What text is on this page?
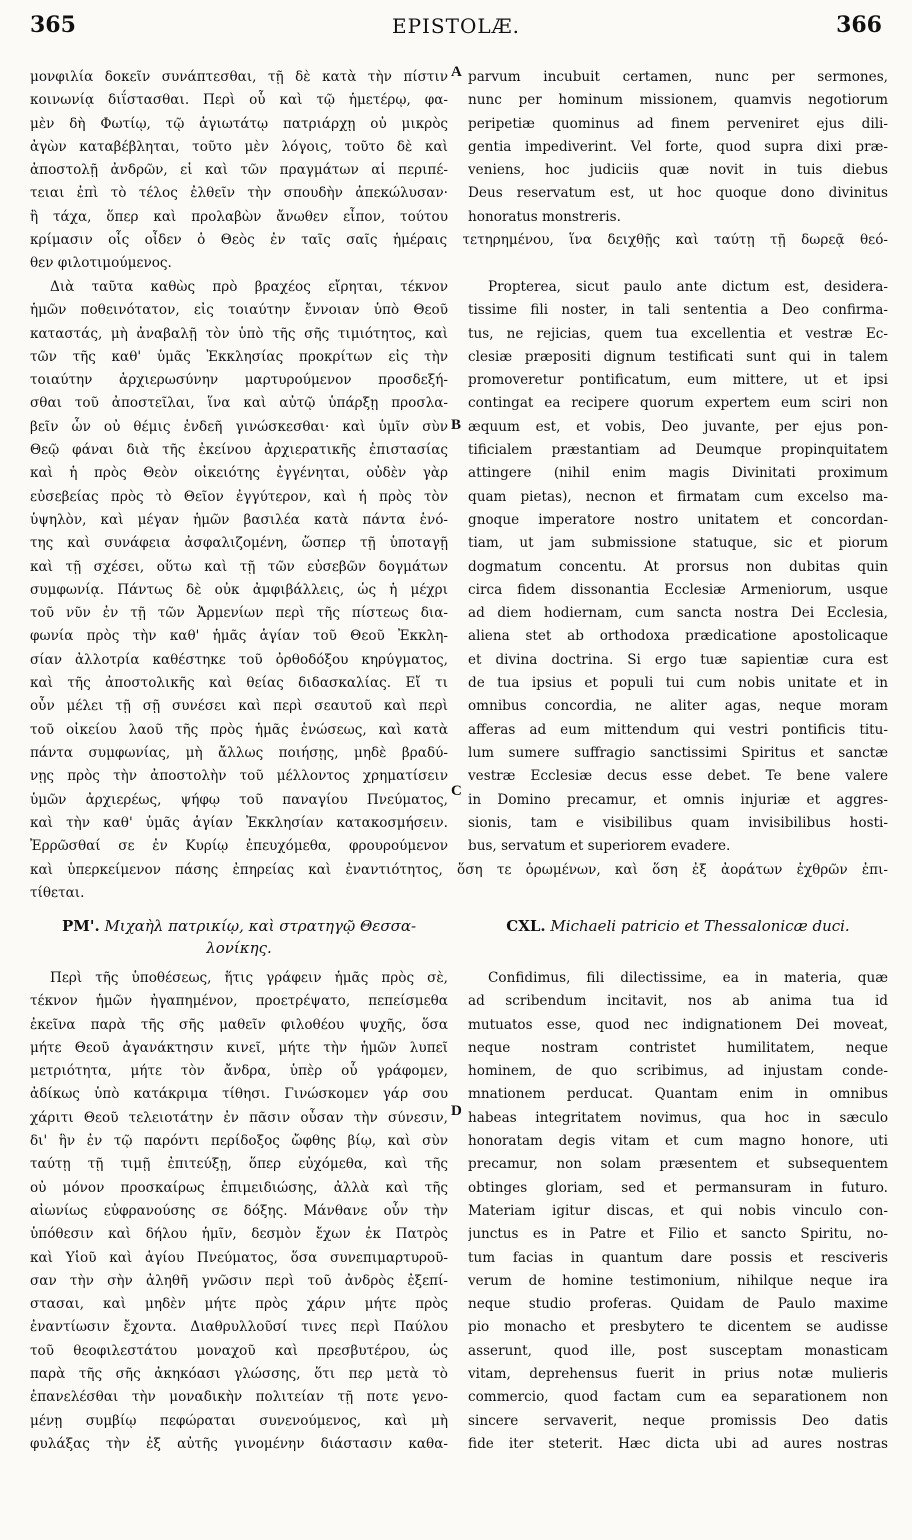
365	EPISTOLÆ.	366
A
B
C
D
μονφιλία δοκεῖν συνάπτεσθαι, τῇ δὲ κατὰ τὴν πίστιν
κοινωνίᾳ διΐστασθαι. Περὶ οὗ καὶ τῷ ἡμετέρῳ, φα-
μὲν δὴ Φωτίῳ, τῷ ἁγιωτάτῳ πατριάρχῃ οὐ μικρὸς
ἀγὼν καταβέβληται, τοῦτο μὲν λόγοις, τοῦτο δὲ καὶ
ἀποστολῇ ἀνδρῶν, εἰ καὶ τῶν πραγμάτων αἱ περιπέ-
τειαι ἐπὶ τὸ τέλος ἐλθεῖν τὴν σπουδὴν ἀπεκώλυσαν·
ἢ τάχα, ὅπερ καὶ προλαβὼν ἄνωθεν εἶπον, τούτου
parvum incubuit certamen, nunc per sermones,
nunc per hominum missionem, quamvis negotiorum
peripetiæ quominus ad finem perveniret ejus dili-
gentia impediverint. Vel forte, quod supra dixi præ-
veniens, hoc judiciis quæ novit in tuis diebus
Deus reservatum est, ut hoc quoque dono divinitus
honoratus monstreris.
κρίμασιν οἷς οἶδεν ὁ Θεὸς ἐν ταῖς σαῖς ἡμέραις τετηρημένου, ἵνα δειχθῇς καὶ ταύτῃ τῇ δωρεᾷ θεό-
θεν φιλοτιμούμενος.
Διὰ ταῦτα καθὼς πρὸ βραχέος εἴρηται, τέκνον
ἡμῶν ποθεινότατον, εἰς τοιαύτην ἔννοιαν ὑπὸ Θεοῦ
καταστάς, μὴ ἀναβαλῇ τὸν ὑπὸ τῆς σῆς τιμιότητος, καὶ
τῶν τῆς καθ' ὑμᾶς Ἐκκλησίας προκρίτων εἰς τὴν
τοιαύτην ἀρχιερωσύνην μαρτυρούμενον προσδεξή-
σθαι τοῦ ἀποστεῖλαι, ἵνα καὶ αὐτῷ ὑπάρξῃ προσλα-
βεῖν ὧν οὐ θέμις ἐνδεῆ γινώσκεσθαι· καὶ ὑμῖν σὺν
Θεῷ φάναι διὰ τῆς ἐκείνου ἀρχιερατικῆς ἐπιστασίας
καὶ ἡ πρὸς Θεὸν οἰκειότης ἐγγένηται, οὐδὲν γὰρ
εὐσεβείας πρὸς τὸ Θεῖον ἐγγύτερον, καὶ ἡ πρὸς τὸν
ὑψηλὸν, καὶ μέγαν ἡμῶν βασιλέα κατὰ πάντα ἑνό-
της καὶ συνάφεια ἀσφαλιζομένη, ὥσπερ τῇ ὑποταγῇ
καὶ τῇ σχέσει, οὕτω καὶ τῇ τῶν εὐσεβῶν δογμάτων
συμφωνίᾳ. Πάντως δὲ οὐκ ἀμφιβάλλεις, ὡς ἡ μέχρι
τοῦ νῦν ἐν τῇ τῶν Ἀρμενίων περὶ τῆς πίστεως δια-
φωνία πρὸς τὴν καθ' ἡμᾶς ἁγίαν τοῦ Θεοῦ Ἐκκλη-
σίαν ἀλλοτρία καθέστηκε τοῦ ὀρθοδόξου κηρύγματος,
καὶ τῆς ἀποστολικῆς καὶ θείας διδασκαλίας. Εἴ τι
οὖν μέλει τῇ σῇ συνέσει καὶ περὶ σεαυτοῦ καὶ περὶ
τοῦ οἰκείου λαοῦ τῆς πρὸς ἡμᾶς ἑνώσεως, καὶ κατὰ
πάντα συμφωνίας, μὴ ἄλλως ποιήσῃς, μηδὲ βραδύ-
νῃς πρὸς τὴν ἀποστολὴν τοῦ μέλλοντος χρηματίσειν
ὑμῶν ἀρχιερέως, ψήφῳ τοῦ παναγίου Πνεύματος,
καὶ τὴν καθ' ὑμᾶς ἁγίαν Ἐκκλησίαν κατακοσμήσειν.
Ἐρρῶσθαί σε ἐν Κυρίῳ ἐπευχόμεθα, φρουρούμενον
Propterea, sicut paulo ante dictum est, desidera-
tissime fili noster, in tali sententia a Deo confirma-
tus, ne rejicias, quem tua excellentia et vestræ Ec-
clesiæ præpositi dignum testificati sunt qui in talem
promoveretur pontificatum, eum mittere, ut et ipsi
contingat ea recipere quorum expertem eum sciri non
æquum est, et vobis, Deo juvante, per ejus pon-
tificialem præstantiam ad Deumque propinquitatem
attingere (nihil enim magis Divinitati proximum
quam pietas), necnon et firmatam cum excelso ma-
gnoque imperatore nostro unitatem et concordan-
tiam, ut jam submissione statuque, sic et piorum
dogmatum concentu. At prorsus non dubitas quin
circa fidem dissonantia Ecclesiæ Armeniorum, usque
ad diem hodiernam, cum sancta nostra Dei Ecclesia,
aliena stet ab orthodoxa prædicatione apostolicaque
et divina doctrina. Si ergo tuæ sapientiæ cura est
de tua ipsius et populi tui cum nobis unitate et in
omnibus concordia, ne aliter agas, neque moram
afferas ad eum mittendum qui vestri pontificis titu-
lum sumere suffragio sanctissimi Spiritus et sanctæ
vestræ Ecclesiæ decus esse debet. Te bene valere
in Domino precamur, et omnis injuriæ et aggres-
sionis, tam e visibilibus quam invisibilibus hosti-
bus, servatum et superiorem evadere.
καὶ ὑπερκείμενον πάσης ἐπηρείας καὶ ἐναντιότητος, ὅση τε ὁρωμένων, καὶ ὅση ἐξ ἀοράτων ἐχθρῶν ἐπι-
τίθεται.
ΡΜ'. Μιχαὴλ πατρικίῳ, καὶ στρατηγῷ Θεσσα-
λονίκης.
CXL. Michaeli patricio et Thessalonicæ duci.
Περὶ τῆς ὑποθέσεως, ἥτις γράφειν ἡμᾶς πρὸς σὲ,
τέκνον ἡμῶν ἠγαπημένον, προετρέψατο, πεπείσμεθα
ἐκεῖνα παρὰ τῆς σῆς μαθεῖν φιλοθέου ψυχῆς, ὅσα
μήτε Θεοῦ ἀγανάκτησιν κινεῖ, μήτε τὴν ἡμῶν λυπεῖ
μετριότητα, μήτε τὸν ἄνδρα, ὑπὲρ οὗ γράφομεν,
ἀδίκως ὑπὸ κατάκριμα τίθησι. Γινώσκομεν γάρ σου
χάριτι Θεοῦ τελειοτάτην ἐν πᾶσιν οὖσαν τὴν σύνεσιν,
δι' ἣν ἐν τῷ παρόντι περίδοξος ὤφθης βίῳ, καὶ σὺν
ταύτῃ τῇ τιμῇ ἐπιτεύξῃ, ὅπερ εὐχόμεθα, καὶ τῆς
οὐ μόνον προσκαίρως ἐπιμειδιώσης, ἀλλὰ καὶ τῆς
αἰωνίως εὐφρανούσης σε δόξης. Μάνθανε οὖν τὴν
ὑπόθεσιν καὶ δήλου ἡμῖν, δεσμὸν ἔχων ἐκ Πατρὸς
καὶ Υἱοῦ καὶ ἁγίου Πνεύματος, ὅσα συνεπιμαρτυροῦ-
σαν τὴν σὴν ἀληθῆ γνῶσιν περὶ τοῦ ἀνδρὸς ἐξεπί-
στασαι, καὶ μηδὲν μήτε πρὸς χάριν μήτε πρὸς
ἐναντίωσιν ἔχοντα. Διαθρυλλοῦσί τινες περὶ Παύλου
τοῦ θεοφιλεστάτου μοναχοῦ καὶ πρεσβυτέρου, ὡς
παρὰ τῆς σῆς ἀκηκόασι γλώσσης, ὅτι περ μετὰ τὸ
ἐπανελέσθαι τὴν μοναδικὴν πολιτείαν τῇ ποτε γενο-
μένῃ συμβίῳ πεφώραται συνενούμενος, καὶ μὴ
φυλάξας τὴν ἐξ αὐτῆς γινομένην διάστασιν καθα-
Confidimus, fili dilectissime, ea in materia, quæ
ad scribendum incitavit, nos ab anima tua id
mutuatos esse, quod nec indignationem Dei moveat,
neque nostram contristet humilitatem, neque
hominem, de quo scribimus, ad injustam conde-
mnationem perducat. Quantam enim in omnibus
habeas integritatem novimus, qua hoc in sæculo
honoratam degis vitam et cum magno honore, uti
precamur, non solam præsentem et subsequentem
obtinges gloriam, sed et permansuram in futuro.
Materiam igitur discas, et qui nobis vinculo con-
junctus es in Patre et Filio et sancto Spiritu, no-
tum facias in quantum dare possis et resciveris
verum de homine testimonium, nihilque neque ira
neque studio proferas. Quidam de Paulo maxime
pio monacho et presbytero te dicentem se audisse
asserunt, quod ille, post susceptam monasticam
vitam, deprehensus fuerit in prius notæ mulieris
commercio, quod factam cum ea separationem non
sincere servaverit, neque promissis Deo datis
fide iter steterit. Hæc dicta ubi ad aures nostras
